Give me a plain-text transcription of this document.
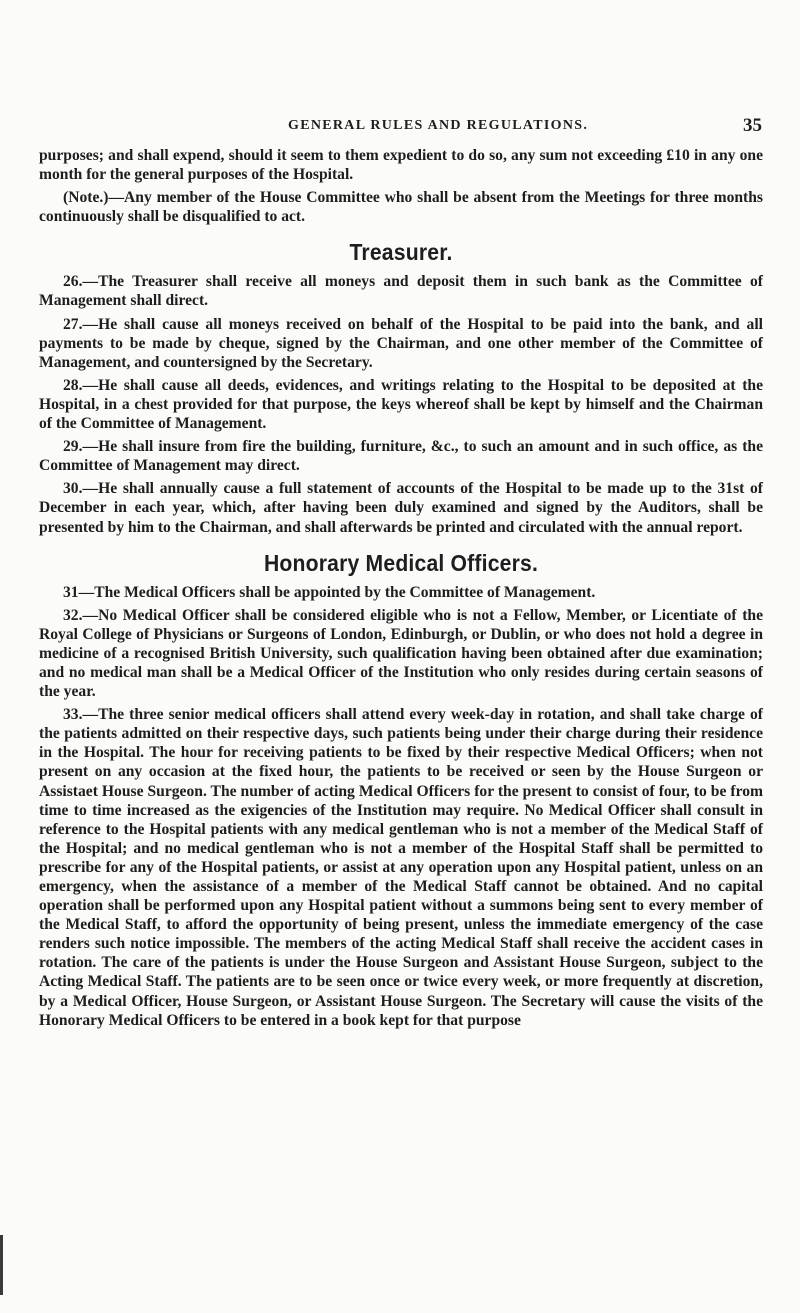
GENERAL RULES AND REGULATIONS.	35

purposes; and shall expend, should it seem to them expedient to do so, any sum not exceeding £10 in any one month for the general purposes of the Hospital.

(Note.)—Any member of the House Committee who shall be absent from the Meetings for three months continuously shall be disqualified to act.

Treasurer.

26.—The Treasurer shall receive all moneys and deposit them in such bank as the Committee of Management shall direct.

27.—He shall cause all moneys received on behalf of the Hospital to be paid into the bank, and all payments to be made by cheque, signed by the Chairman, and one other member of the Committee of Management, and countersigned by the Secretary.

28.—He shall cause all deeds, evidences, and writings relating to the Hospital to be deposited at the Hospital, in a chest provided for that purpose, the keys whereof shall be kept by himself and the Chairman of the Committee of Management.

29.—He shall insure from fire the building, furniture, &c., to such an amount and in such office, as the Committee of Management may direct.

30.—He shall annually cause a full statement of accounts of the Hospital to be made up to the 31st of December in each year, which, after having been duly examined and signed by the Auditors, shall be presented by him to the Chairman, and shall afterwards be printed and circulated with the annual report.

Honorary Medical Officers.

31—The Medical Officers shall be appointed by the Committee of Management.

32.—No Medical Officer shall be considered eligible who is not a Fellow, Member, or Licentiate of the Royal College of Physicians or Surgeons of London, Edinburgh, or Dublin, or who does not hold a degree in medicine of a recognised British University, such qualification having been obtained after due examination; and no medical man shall be a Medical Officer of the Institution who only resides during certain seasons of the year.

33.—The three senior medical officers shall attend every week-day in rotation, and shall take charge of the patients admitted on their respective days, such patients being under their charge during their residence in the Hospital. The hour for receiving patients to be fixed by their respective Medical Officers; when not present on any occasion at the fixed hour, the patients to be received or seen by the House Surgeon or Assistaet House Surgeon. The number of acting Medical Officers for the present to consist of four, to be from time to time increased as the exigencies of the Institution may require. No Medical Officer shall consult in reference to the Hospital patients with any medical gentleman who is not a member of the Medical Staff of the Hospital; and no medical gentleman who is not a member of the Hospital Staff shall be permitted to prescribe for any of the Hospital patients, or assist at any operation upon any Hospital patient, unless on an emergency, when the assistance of a member of the Medical Staff cannot be obtained. And no capital operation shall be performed upon any Hospital patient without a summons being sent to every member of the Medical Staff, to afford the opportunity of being present, unless the immediate emergency of the case renders such notice impossible. The members of the acting Medical Staff shall receive the accident cases in rotation. The care of the patients is under the House Surgeon and Assistant House Surgeon, subject to the Acting Medical Staff. The patients are to be seen once or twice every week, or more frequently at discretion, by a Medical Officer, House Surgeon, or Assistant House Surgeon. The Secretary will cause the visits of the Honorary Medical Officers to be entered in a book kept for that purpose
